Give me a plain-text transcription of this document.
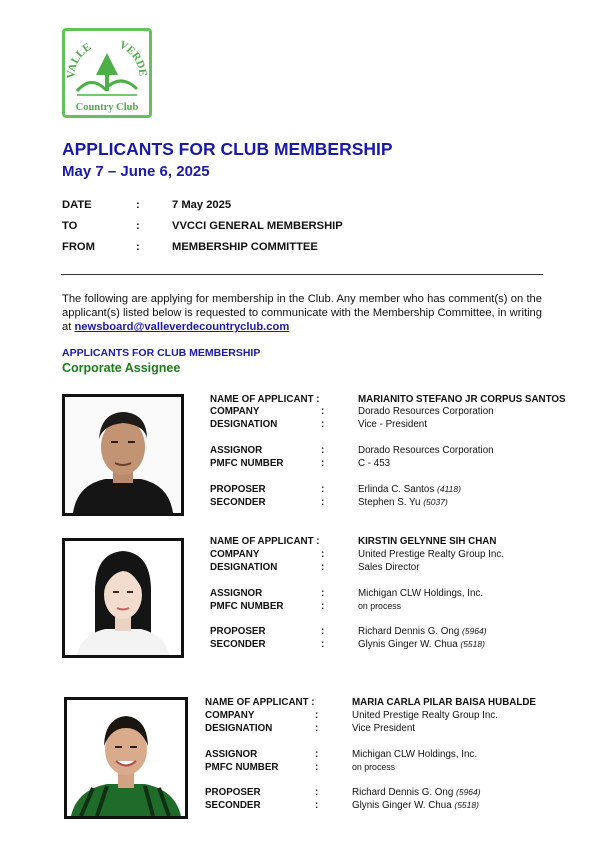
VALLE VERDE
Country Club
APPLICANTS FOR CLUB MEMBERSHIP
May 7 – June 6, 2025
DATE	:	7 May 2025
TO	:	VVCCI GENERAL MEMBERSHIP
FROM	:	MEMBERSHIP COMMITTEE
The following are applying for membership in the Club. Any member who has comment(s) on the applicant(s) listed below is requested to communicate with the Membership Committee, in writing at newsboard@valleverdecountryclub.com
APPLICANTS FOR CLUB MEMBERSHIP
Corporate Assignee
NAME OF APPLICANT :	MARIANITO STEFANO JR CORPUS SANTOS
COMPANY	:	Dorado Resources Corporation
DESIGNATION	:	Vice - President
ASSIGNOR	:	Dorado Resources Corporation
PMFC NUMBER	:	C - 453
PROPOSER	:	Erlinda C. Santos (4118)
SECONDER	:	Stephen S. Yu (5037)
NAME OF APPLICANT :	KIRSTIN GELYNNE SIH CHAN
COMPANY	:	United Prestige Realty Group Inc.
DESIGNATION	:	Sales Director
ASSIGNOR	:	Michigan CLW Holdings, Inc.
PMFC NUMBER	:	on process
PROPOSER	:	Richard Dennis G. Ong (5964)
SECONDER	:	Glynis Ginger W. Chua (5518)
NAME OF APPLICANT :	MARIA CARLA PILAR BAISA HUBALDE
COMPANY	:	United Prestige Realty Group Inc.
DESIGNATION	:	Vice President
ASSIGNOR	:	Michigan CLW Holdings, Inc.
PMFC NUMBER	:	on process
PROPOSER	:	Richard Dennis G. Ong (5964)
SECONDER	:	Glynis Ginger W. Chua (5518)
